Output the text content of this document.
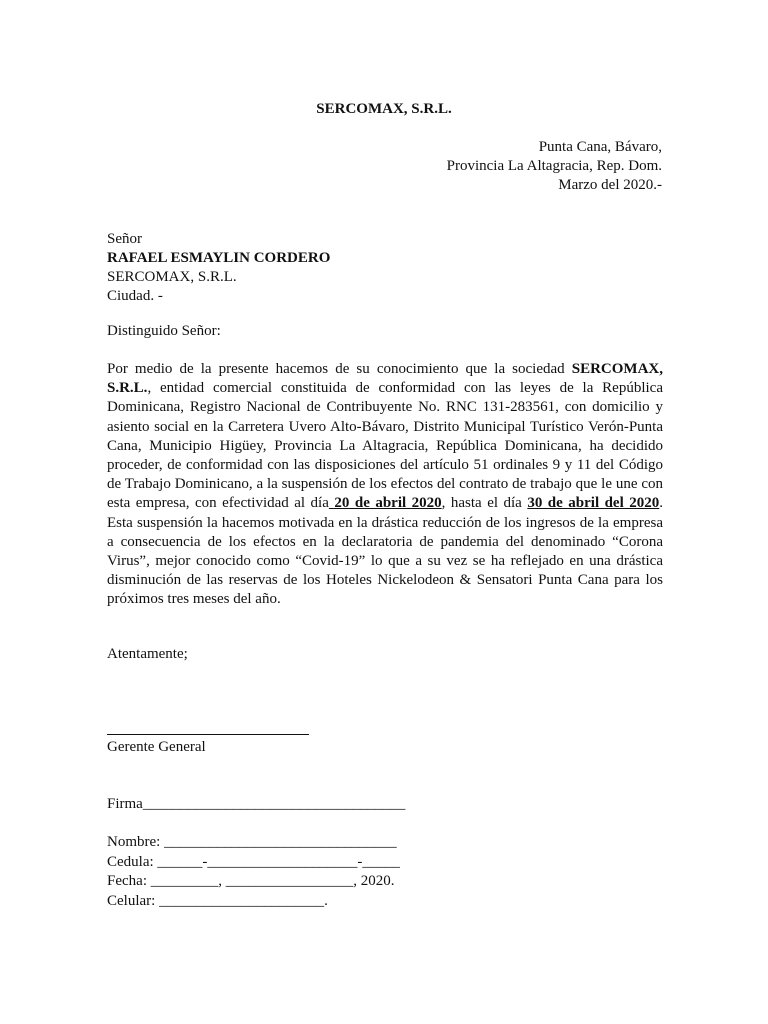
SERCOMAX, S.R.L.
Punta Cana, Bávaro,
Provincia La Altagracia, Rep. Dom.
Marzo del 2020.-
Señor
RAFAEL ESMAYLIN CORDERO
SERCOMAX, S.R.L.
Ciudad. -
Distinguido Señor:
Por medio de la presente hacemos de su conocimiento que la sociedad SERCOMAX, S.R.L., entidad comercial constituida de conformidad con las leyes de la República Dominicana, Registro Nacional de Contribuyente No. RNC 131-283561, con domicilio y asiento social en la Carretera Uvero Alto-Bávaro, Distrito Municipal Turístico Verón-Punta Cana, Municipio Higüey, Provincia La Altagracia, República Dominicana, ha decidido proceder, de conformidad con las disposiciones del artículo 51 ordinales 9 y 11 del Código de Trabajo Dominicano, a la suspensión de los efectos del contrato de trabajo que le une con esta empresa, con efectividad al día 20 de abril 2020, hasta el día 30 de abril del 2020. Esta suspensión la hacemos motivada en la drástica reducción de los ingresos de la empresa a consecuencia de los efectos en la declaratoria de pandemia del denominado “Corona Virus”, mejor conocido como “Covid-19” lo que a su vez se ha reflejado en una drástica disminución de las reservas de los Hoteles Nickelodeon & Sensatori Punta Cana para los próximos tres meses del año.
Atentamente;
Gerente General
Firma___________________________________
Nombre: _______________________________
Cedula: ______-____________________-_____
Fecha: _________, _________________, 2020.
Celular: ______________________.
